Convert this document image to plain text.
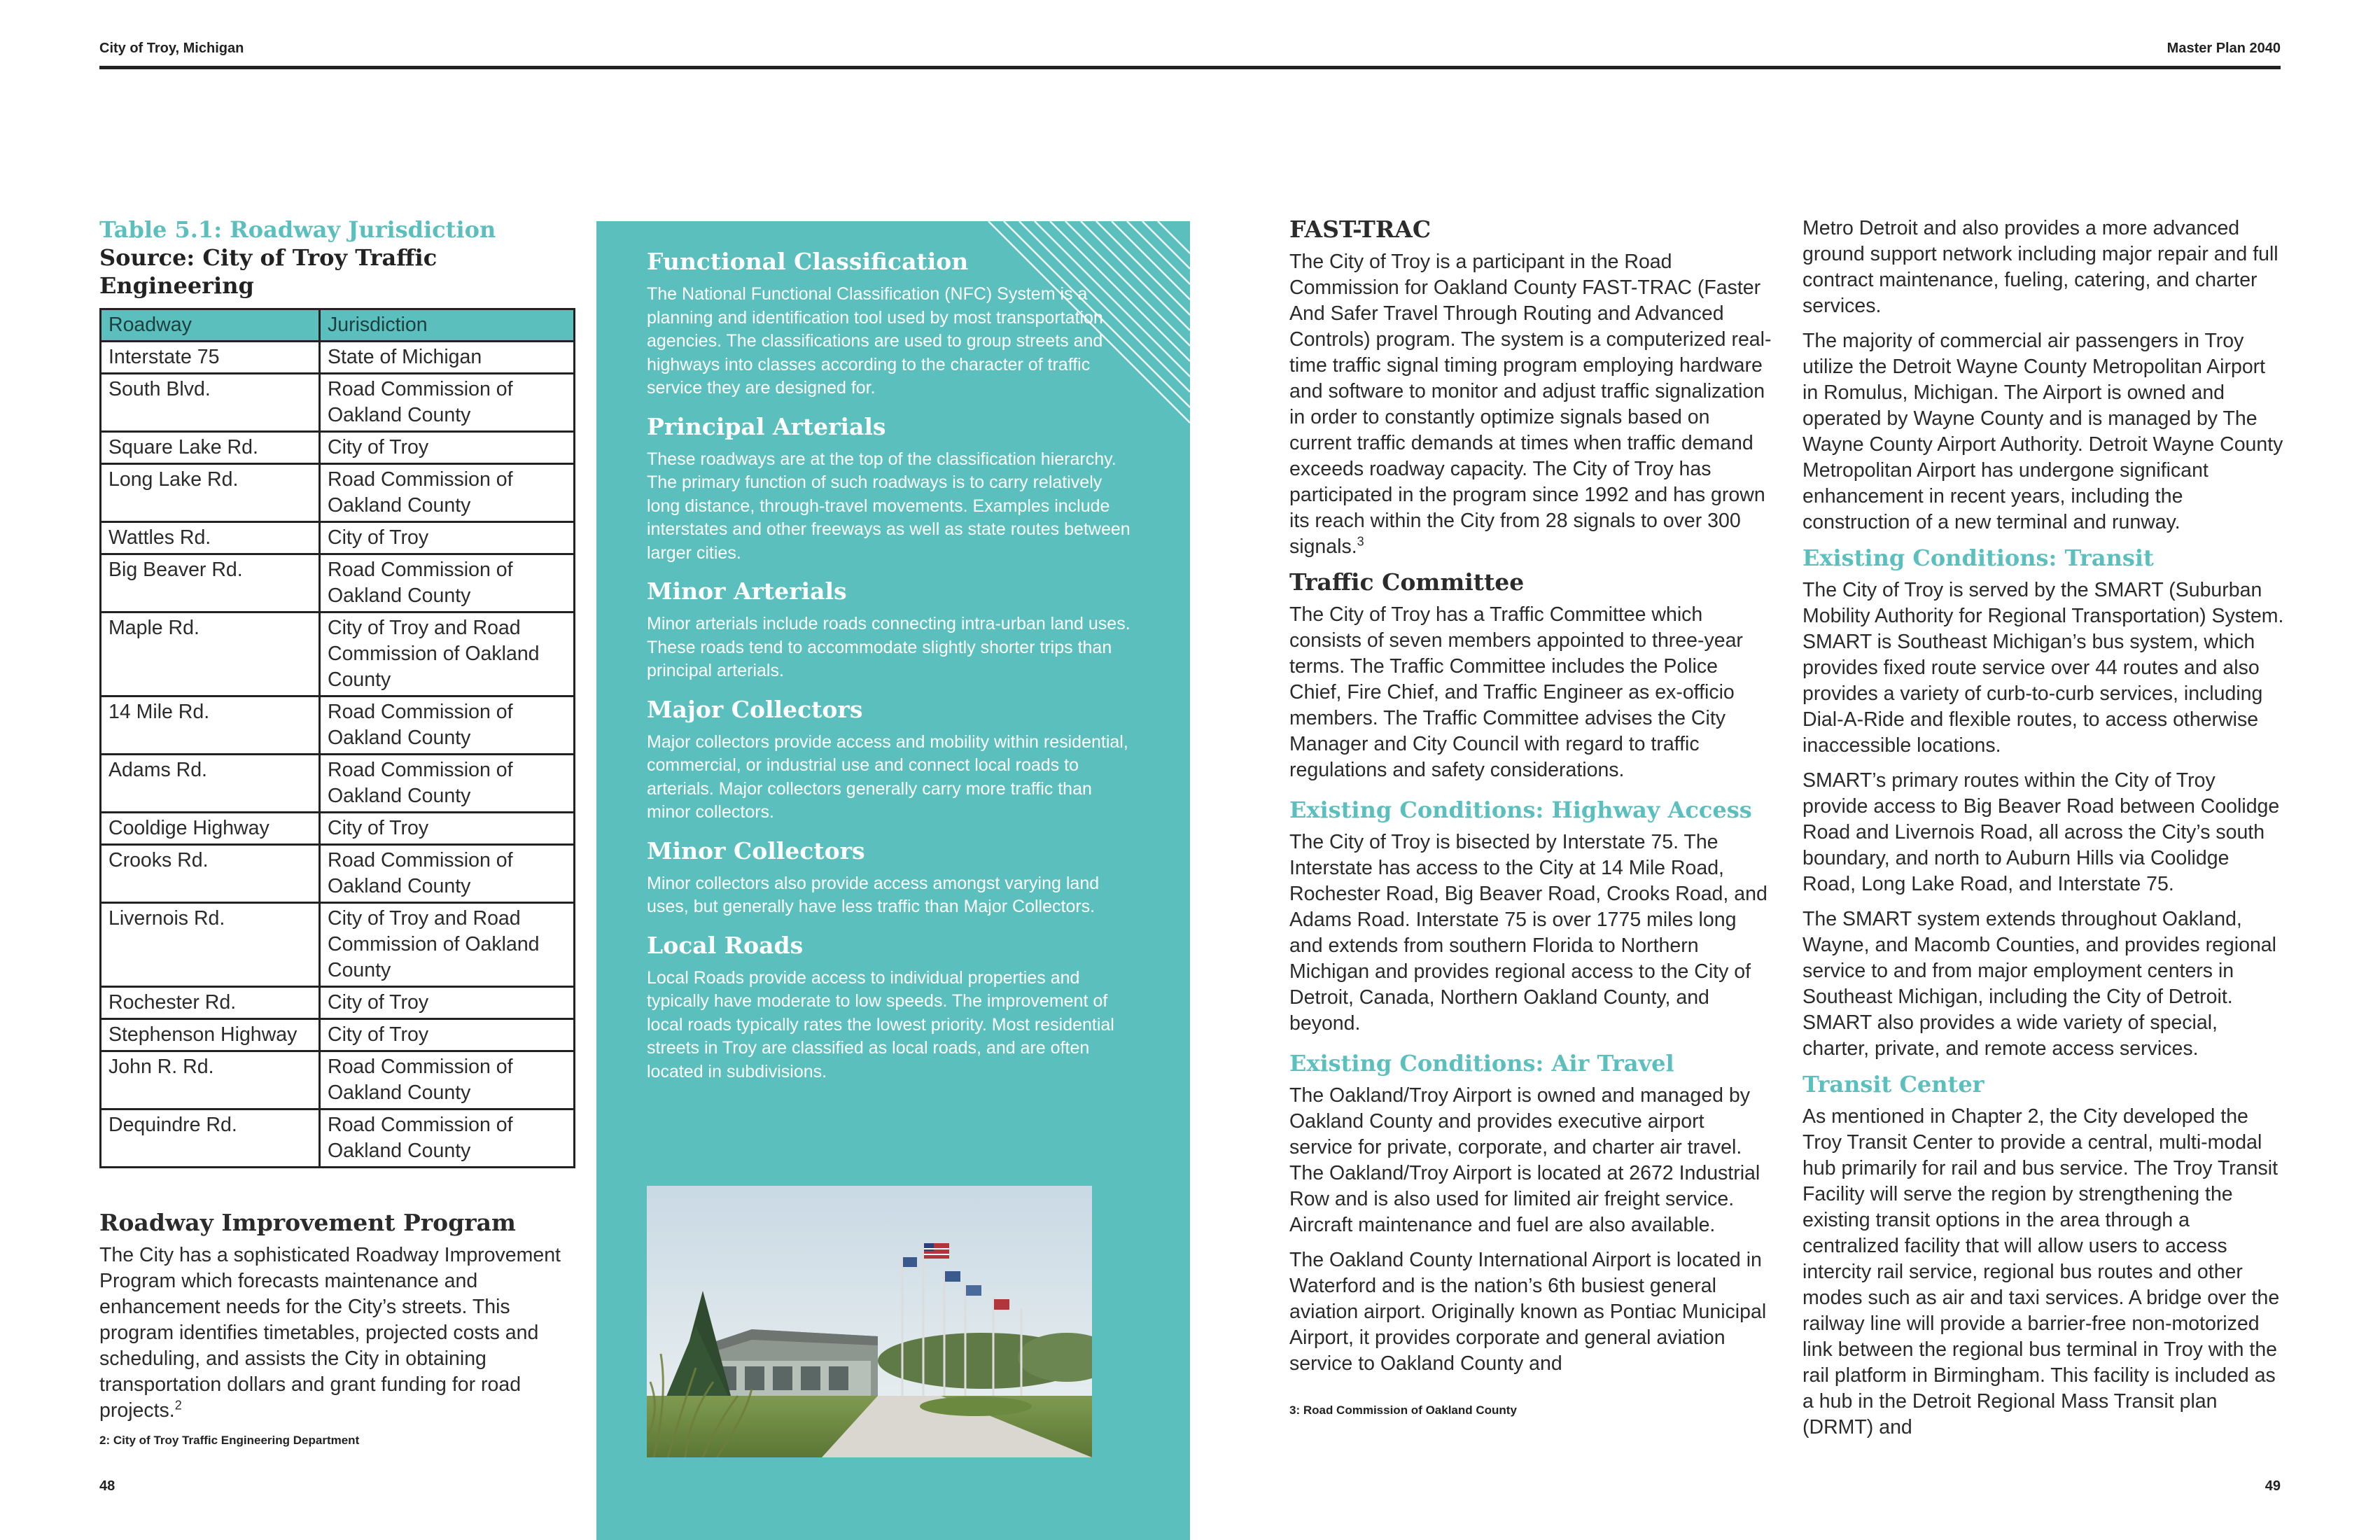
City of Troy, Michigan	Master Plan 2040
Table 5.1: Roadway Jurisdiction
Source: City of Troy Traffic Engineering
Roadway	Jurisdiction
Interstate 75	State of Michigan
South Blvd.	Road Commission of Oakland County
Square Lake Rd.	City of Troy
Long Lake Rd.	Road Commission of Oakland County
Wattles Rd.	City of Troy
Big Beaver Rd.	Road Commission of Oakland County
Maple Rd.	City of Troy and Road Commission of Oakland County
14 Mile Rd.	Road Commission of Oakland County
Adams Rd.	Road Commission of Oakland County
Cooldige Highway	City of Troy
Crooks Rd.	Road Commission of Oakland County
Livernois Rd.	City of Troy and Road Commission of Oakland County
Rochester Rd.	City of Troy
Stephenson Highway	City of Troy
John R. Rd.	Road Commission of Oakland County
Dequindre Rd.	Road Commission of Oakland County
Roadway Improvement Program

The City has a sophisticated Roadway Improvement Program which forecasts maintenance and enhancement needs for the City’s streets. This program identifies timetables, projected costs and scheduling, and assists the City in obtaining transportation dollars and grant funding for road projects.$^2$

2: City of Troy Traffic Engineering Department
48
Functional Classification

The National Functional Classification (NFC) System is a planning and identification tool used by most transportation agencies. The classifications are used to group streets and highways into classes according to the character of traffic service they are designed for.

Principal Arterials

These roadways are at the top of the classification hierarchy. The primary function of such roadways is to carry relatively long distance, through-travel movements. Examples include interstates and other freeways as well as state routes between larger cities.

Minor Arterials

Minor arterials include roads connecting intra-urban land uses. These roads tend to accommodate slightly shorter trips than principal arterials.

Major Collectors

Major collectors provide access and mobility within residential, commercial, or industrial use and connect local roads to arterials. Major collectors generally carry more traffic than minor collectors.

Minor Collectors

Minor collectors also provide access amongst varying land uses, but generally have less traffic than Major Collectors.

Local Roads

Local Roads provide access to individual properties and typically have moderate to low speeds. The improvement of local roads typically rates the lowest priority. Most residential streets in Troy are classified as local roads, and are often located in subdivisions.

FAST-TRAC

The City of Troy is a participant in the Road Commission for Oakland County FAST-TRAC (Faster And Safer Travel Through Routing and Advanced Controls) program. The system is a computerized real-time traffic signal timing program employing hardware and software to monitor and adjust traffic signalization in order to constantly optimize signals based on current traffic demands at times when traffic demand exceeds roadway capacity. The City of Troy has participated in the program since 1992 and has grown its reach within the City from 28 signals to over 300 signals.$^3$

Traffic Committee

The City of Troy has a Traffic Committee which consists of seven members appointed to three-year terms. The Traffic Committee includes the Police Chief, Fire Chief, and Traffic Engineer as ex-officio members. The Traffic Committee advises the City Manager and City Council with regard to traffic regulations and safety considerations.

Existing Conditions: Highway Access

The City of Troy is bisected by Interstate 75. The Interstate has access to the City at 14 Mile Road, Rochester Road, Big Beaver Road, Crooks Road, and Adams Road. Interstate 75 is over 1775 miles long and extends from southern Florida to Northern Michigan and provides regional access to the City of Detroit, Canada, Northern Oakland County, and beyond.

Existing Conditions: Air Travel

The Oakland/Troy Airport is owned and managed by Oakland County and provides executive airport service for private, corporate, and charter air travel. The Oakland/Troy Airport is located at 2672 Industrial Row and is also used for limited air freight service. Aircraft maintenance and fuel are also available.

The Oakland County International Airport is located in Waterford and is the nation’s 6th busiest general aviation airport. Originally known as Pontiac Municipal Airport, it provides corporate and general aviation service to Oakland County and

3: Road Commission of Oakland County

Metro Detroit and also provides a more advanced ground support network including major repair and full contract maintenance, fueling, catering, and charter services.

The majority of commercial air passengers in Troy utilize the Detroit Wayne County Metropolitan Airport in Romulus, Michigan. The Airport is owned and operated by Wayne County and is managed by The Wayne County Airport Authority. Detroit Wayne County Metropolitan Airport has undergone significant enhancement in recent years, including the construction of a new terminal and runway.

Existing Conditions: Transit

The City of Troy is served by the SMART (Suburban Mobility Authority for Regional Transportation) System. SMART is Southeast Michigan’s bus system, which provides fixed route service over 44 routes and also provides a variety of curb-to-curb services, including Dial-A-Ride and flexible routes, to access otherwise inaccessible locations.

SMART’s primary routes within the City of Troy provide access to Big Beaver Road between Coolidge Road and Livernois Road, all across the City’s south boundary, and north to Auburn Hills via Coolidge Road, Long Lake Road, and Interstate 75.

The SMART system extends throughout Oakland, Wayne, and Macomb Counties, and provides regional service to and from major employment centers in Southeast Michigan, including the City of Detroit. SMART also provides a wide variety of special, charter, private, and remote access services.

Transit Center

As mentioned in Chapter 2, the City developed the Troy Transit Center to provide a central, multi-modal hub primarily for rail and bus service. The Troy Transit Facility will serve the region by strengthening the existing transit options in the area through a centralized facility that will allow users to access intercity rail service, regional bus routes and other modes such as air and taxi services. A bridge over the railway line will provide a barrier-free non-motorized link between the regional bus terminal in Troy with the rail platform in Birmingham. This facility is included as a hub in the Detroit Regional Mass Transit plan (DRMT) and

49
